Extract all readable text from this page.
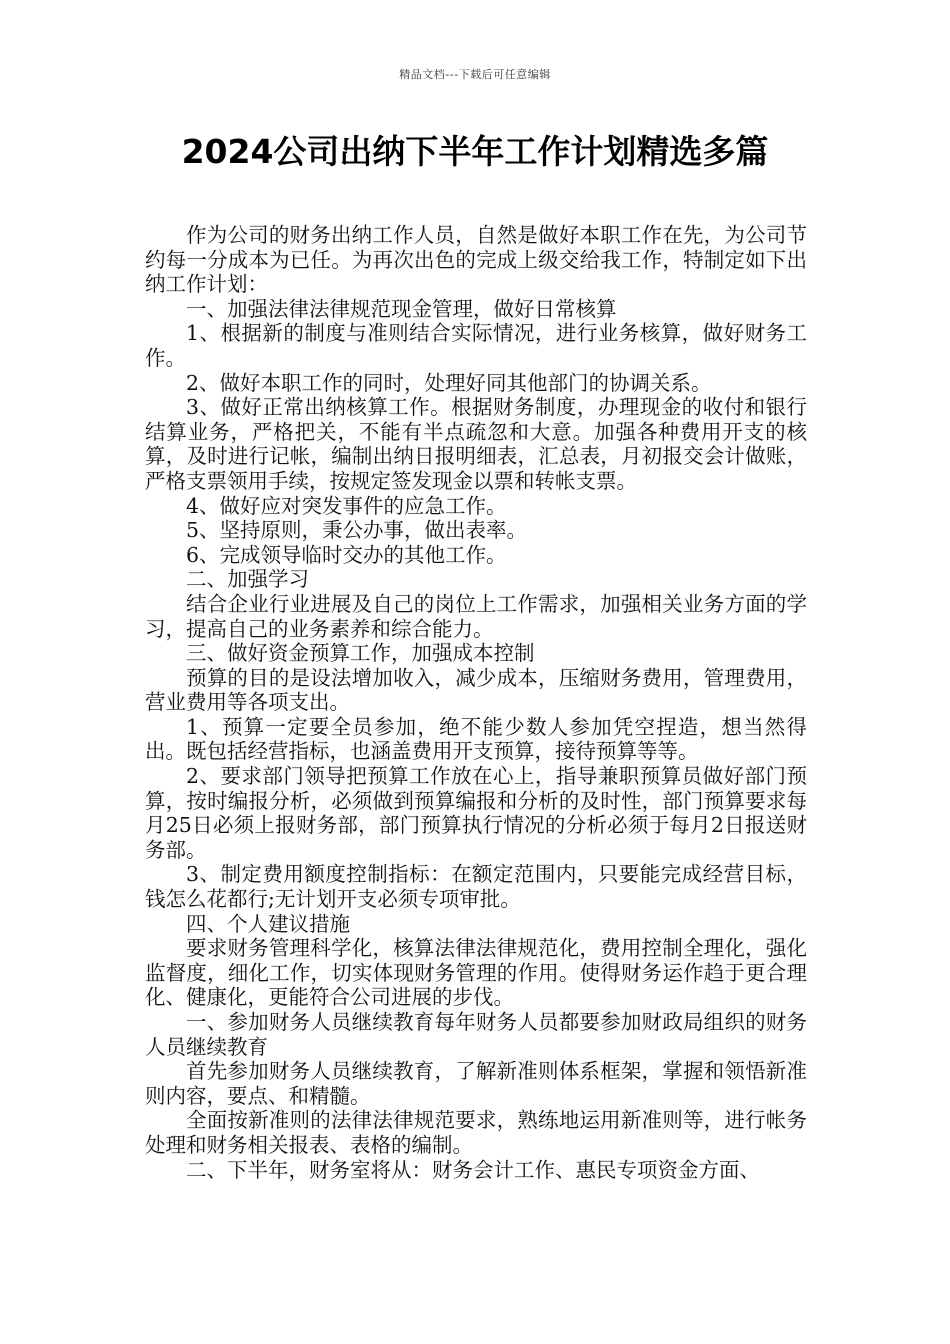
精品文档---下载后可任意编辑
2024公司出纳下半年工作计划精选多篇

作为公司的财务出纳工作人员，自然是做好本职工作在先，为公司节约每一分成本为已任。为再次出色的完成上级交给我工作，特制定如下出纳工作计划：

一、加强法律法律规范现金管理，做好日常核算

1、根据新的制度与准则结合实际情况，进行业务核算，做好财务工作。

2、做好本职工作的同时，处理好同其他部门的协调关系。

3、做好正常出纳核算工作。根据财务制度，办理现金的收付和银行结算业务，严格把关，不能有半点疏忽和大意。加强各种费用开支的核算，及时进行记帐，编制出纳日报明细表，汇总表，月初报交会计做账，严格支票领用手续，按规定签发现金以票和转帐支票。

4、做好应对突发事件的应急工作。

5、坚持原则，秉公办事，做出表率。

6、完成领导临时交办的其他工作。

二、加强学习

结合企业行业进展及自己的岗位上工作需求，加强相关业务方面的学习，提高自己的业务素养和综合能力。

三、做好资金预算工作，加强成本控制

预算的目的是设法增加收入，减少成本，压缩财务费用，管理费用，营业费用等各项支出。

1、预算一定要全员参加，绝不能少数人参加凭空捏造，想当然得出。既包括经营指标，也涵盖费用开支预算，接待预算等等。

2、要求部门领导把预算工作放在心上，指导兼职预算员做好部门预算，按时编报分析，必须做到预算编报和分析的及时性，部门预算要求每月25日必须上报财务部，部门预算执行情况的分析必须于每月2日报送财务部。

3、制定费用额度控制指标：在额定范围内，只要能完成经营目标，钱怎么花都行;无计划开支必须专项审批。

四、个人建议措施

要求财务管理科学化，核算法律法律规范化，费用控制全理化，强化监督度，细化工作，切实体现财务管理的作用。使得财务运作趋于更合理化、健康化，更能符合公司进展的步伐。

一、参加财务人员继续教育每年财务人员都要参加财政局组织的财务人员继续教育

首先参加财务人员继续教育，了解新准则体系框架，掌握和领悟新准则内容，要点、和精髓。

全面按新准则的法律法律规范要求，熟练地运用新准则等，进行帐务处理和财务相关报表、表格的编制。

二、下半年，财务室将从：财务会计工作、惠民专项资金方面、
